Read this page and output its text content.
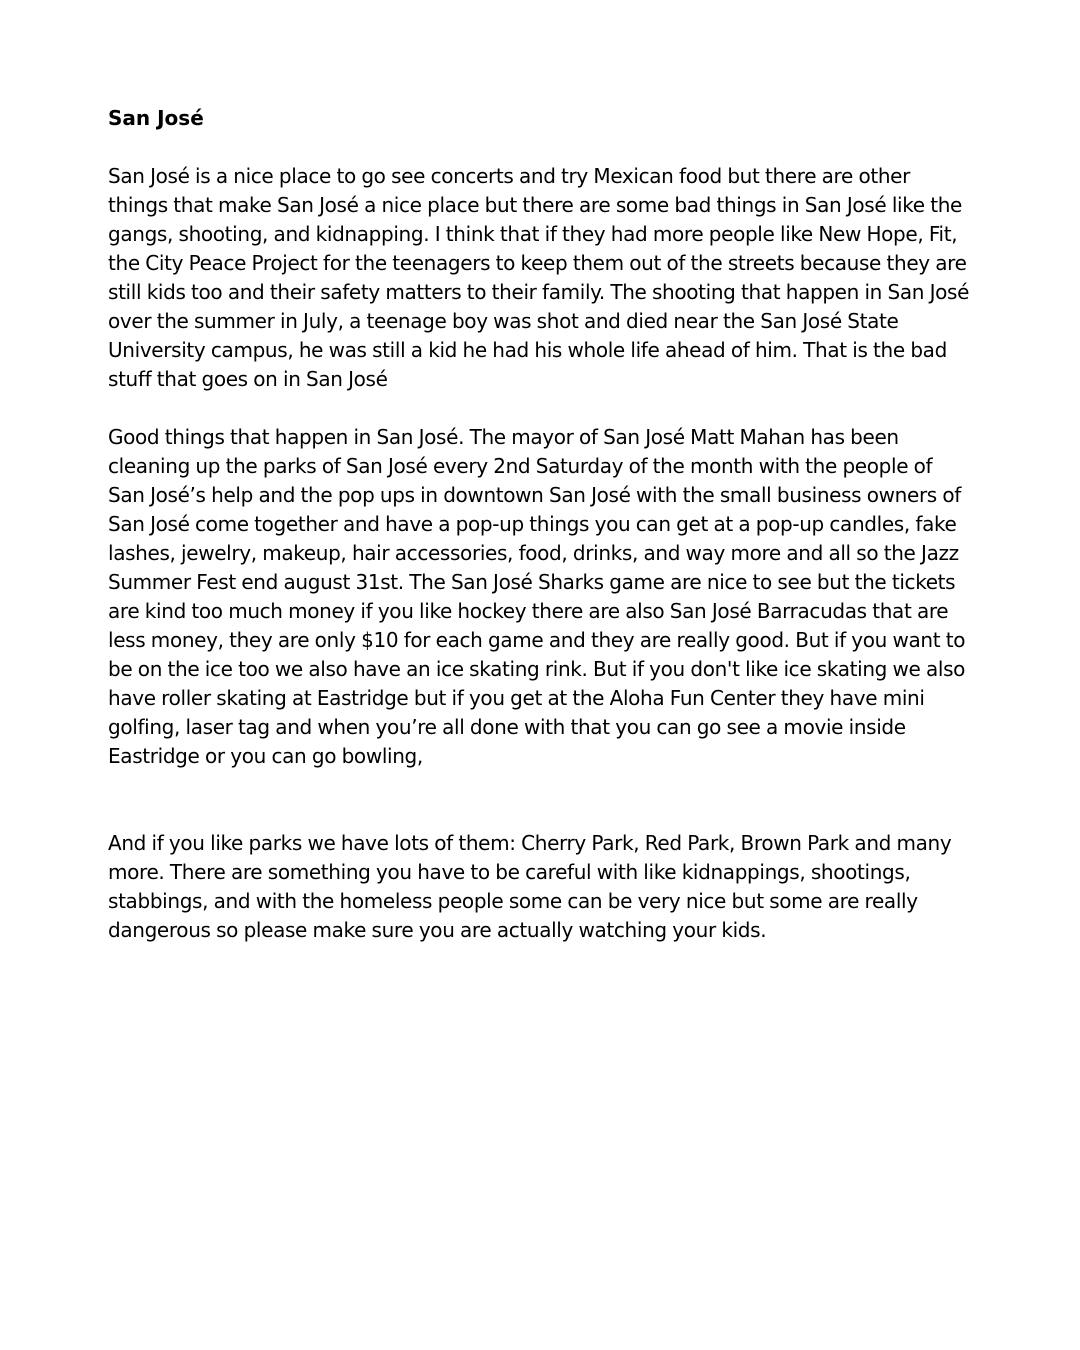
San José

San José is a nice place to go see concerts and try Mexican food but there are other things that make San José a nice place but there are some bad things in San José like the gangs, shooting, and kidnapping. I think that if they had more people like New Hope, Fit, the City Peace Project for the teenagers to keep them out of the streets because they are still kids too and their safety matters to their family. The shooting that happen in San José over the summer in July, a teenage boy was shot and died near the San José State University campus, he was still a kid he had his whole life ahead of him. That is the bad stuff that goes on in San José

Good things that happen in San José. The mayor of San José Matt Mahan has been cleaning up the parks of San José every 2nd Saturday of the month with the people of San José’s help and the pop ups in downtown San José with the small business owners of San José come together and have a pop-up things you can get at a pop-up candles, fake lashes, jewelry, makeup, hair accessories, food, drinks, and way more and all so the Jazz Summer Fest end august 31st. The San José Sharks game are nice to see but the tickets are kind too much money if you like hockey there are also San José Barracudas that are less money, they are only $10 for each game and they are really good. But if you want to be on the ice too we also have an ice skating rink. But if you don't like ice skating we also have roller skating at Eastridge but if you get at the Aloha Fun Center they have mini golfing, laser tag and when you’re all done with that you can go see a movie inside Eastridge or you can go bowling,

And if you like parks we have lots of them: Cherry Park, Red Park, Brown Park and many more. There are something you have to be careful with like kidnappings, shootings, stabbings, and with the homeless people some can be very nice but some are really dangerous so please make sure you are actually watching your kids.
